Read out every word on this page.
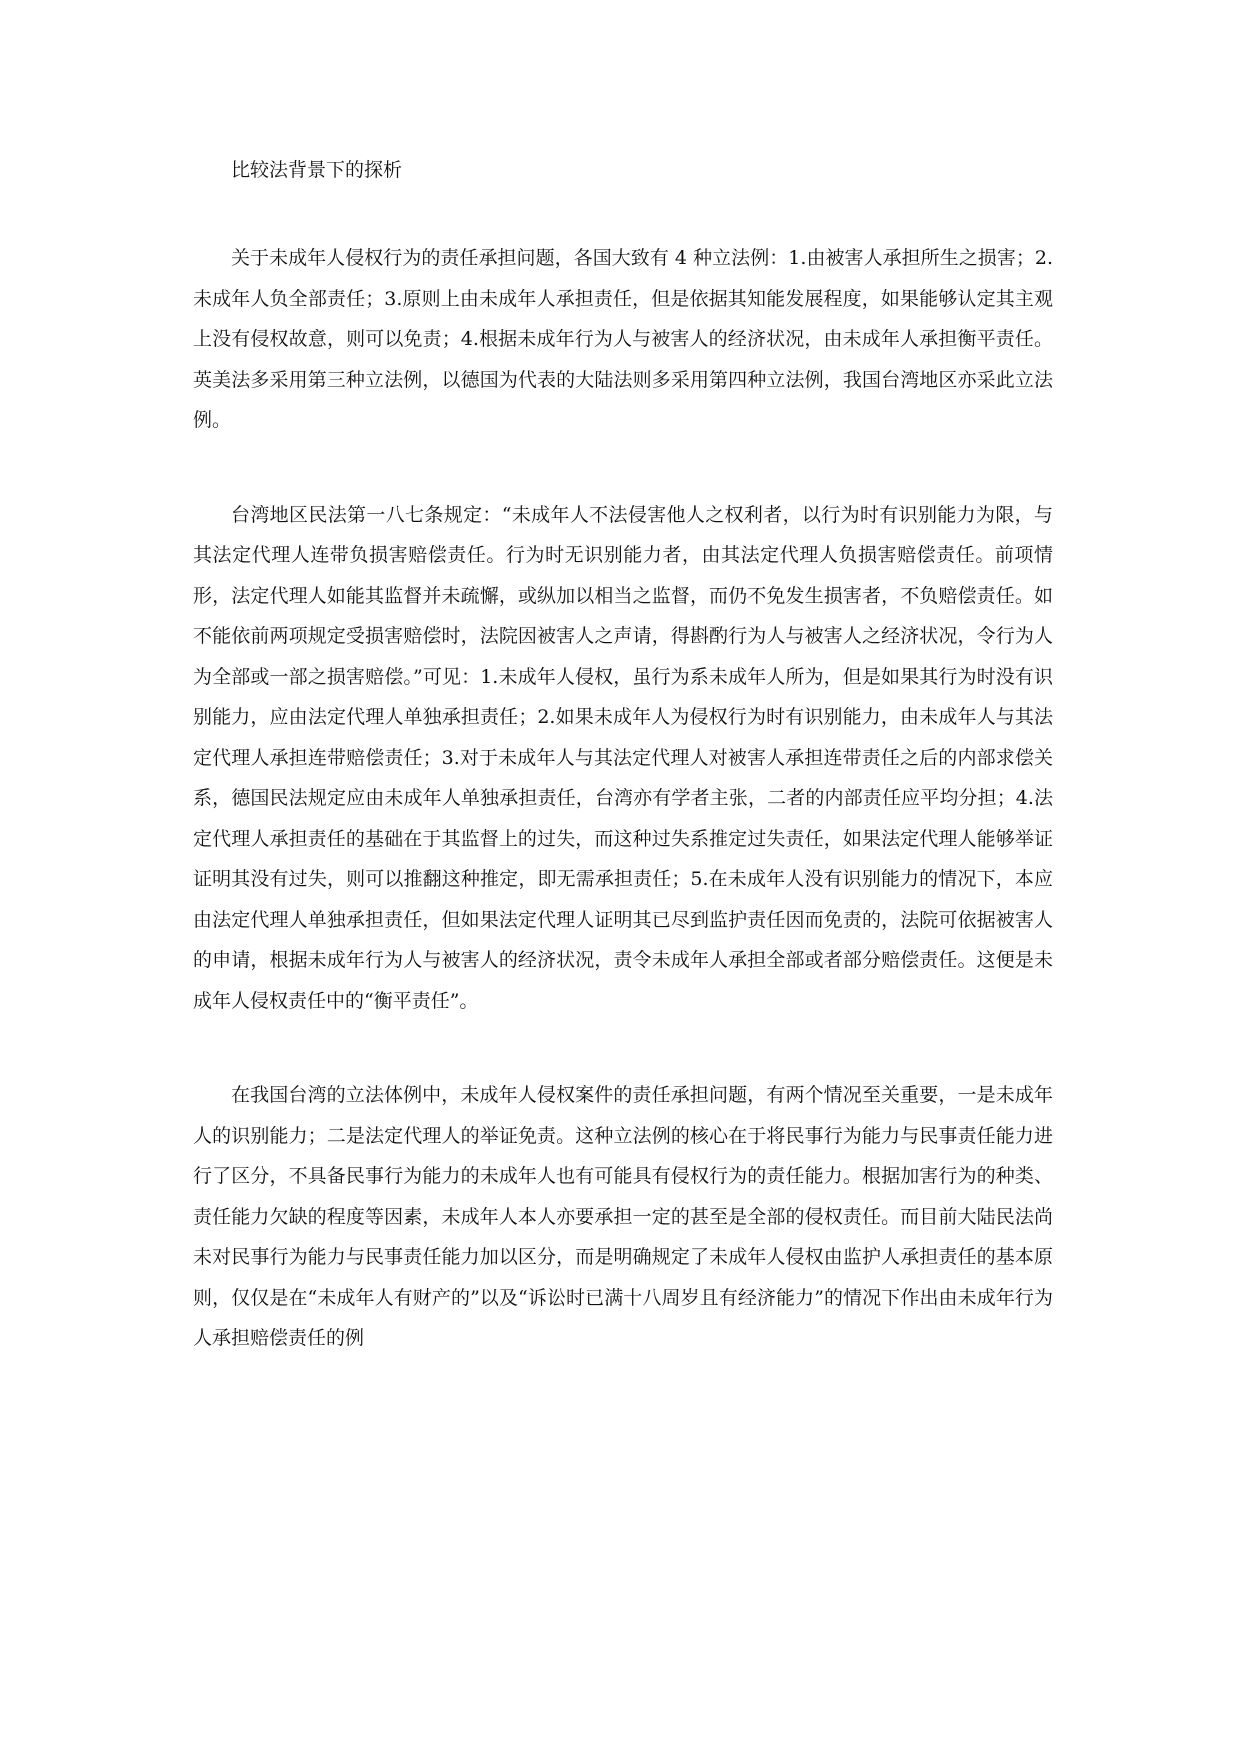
比较法背景下的探析

关于未成年人侵权行为的责任承担问题，各国大致有 4 种立法例：1.由被害人承担所生之损害；2.未成年人负全部责任；3.原则上由未成年人承担责任，但是依据其知能发展程度，如果能够认定其主观上没有侵权故意，则可以免责；4.根据未成年行为人与被害人的经济状况，由未成年人承担衡平责任。英美法多采用第三种立法例，以德国为代表的大陆法则多采用第四种立法例，我国台湾地区亦采此立法例。

台湾地区民法第一八七条规定：“未成年人不法侵害他人之权利者，以行为时有识别能力为限，与其法定代理人连带负损害赔偿责任。行为时无识别能力者，由其法定代理人负损害赔偿责任。前项情形，法定代理人如能其监督并未疏懈，或纵加以相当之监督，而仍不免发生损害者，不负赔偿责任。如不能依前两项规定受损害赔偿时，法院因被害人之声请，得斟酌行为人与被害人之经济状况，令行为人为全部或一部之损害赔偿。”可见：1.未成年人侵权，虽行为系未成年人所为，但是如果其行为时没有识别能力，应由法定代理人单独承担责任；2.如果未成年人为侵权行为时有识别能力，由未成年人与其法定代理人承担连带赔偿责任；3.对于未成年人与其法定代理人对被害人承担连带责任之后的内部求偿关系，德国民法规定应由未成年人单独承担责任，台湾亦有学者主张，二者的内部责任应平均分担；4.法定代理人承担责任的基础在于其监督上的过失，而这种过失系推定过失责任，如果法定代理人能够举证证明其没有过失，则可以推翻这种推定，即无需承担责任；5.在未成年人没有识别能力的情况下，本应由法定代理人单独承担责任，但如果法定代理人证明其已尽到监护责任因而免责的，法院可依据被害人的申请，根据未成年行为人与被害人的经济状况，责令未成年人承担全部或者部分赔偿责任。这便是未成年人侵权责任中的“衡平责任”。

在我国台湾的立法体例中，未成年人侵权案件的责任承担问题，有两个情况至关重要，一是未成年人的识别能力；二是法定代理人的举证免责。这种立法例的核心在于将民事行为能力与民事责任能力进行了区分，不具备民事行为能力的未成年人也有可能具有侵权行为的责任能力。根据加害行为的种类、责任能力欠缺的程度等因素，未成年人本人亦要承担一定的甚至是全部的侵权责任。而目前大陆民法尚未对民事行为能力与民事责任能力加以区分，而是明确规定了未成年人侵权由监护人承担责任的基本原则，仅仅是在“未成年人有财产的”以及“诉讼时已满十八周岁且有经济能力”的情况下作出由未成年行为人承担赔偿责任的例
